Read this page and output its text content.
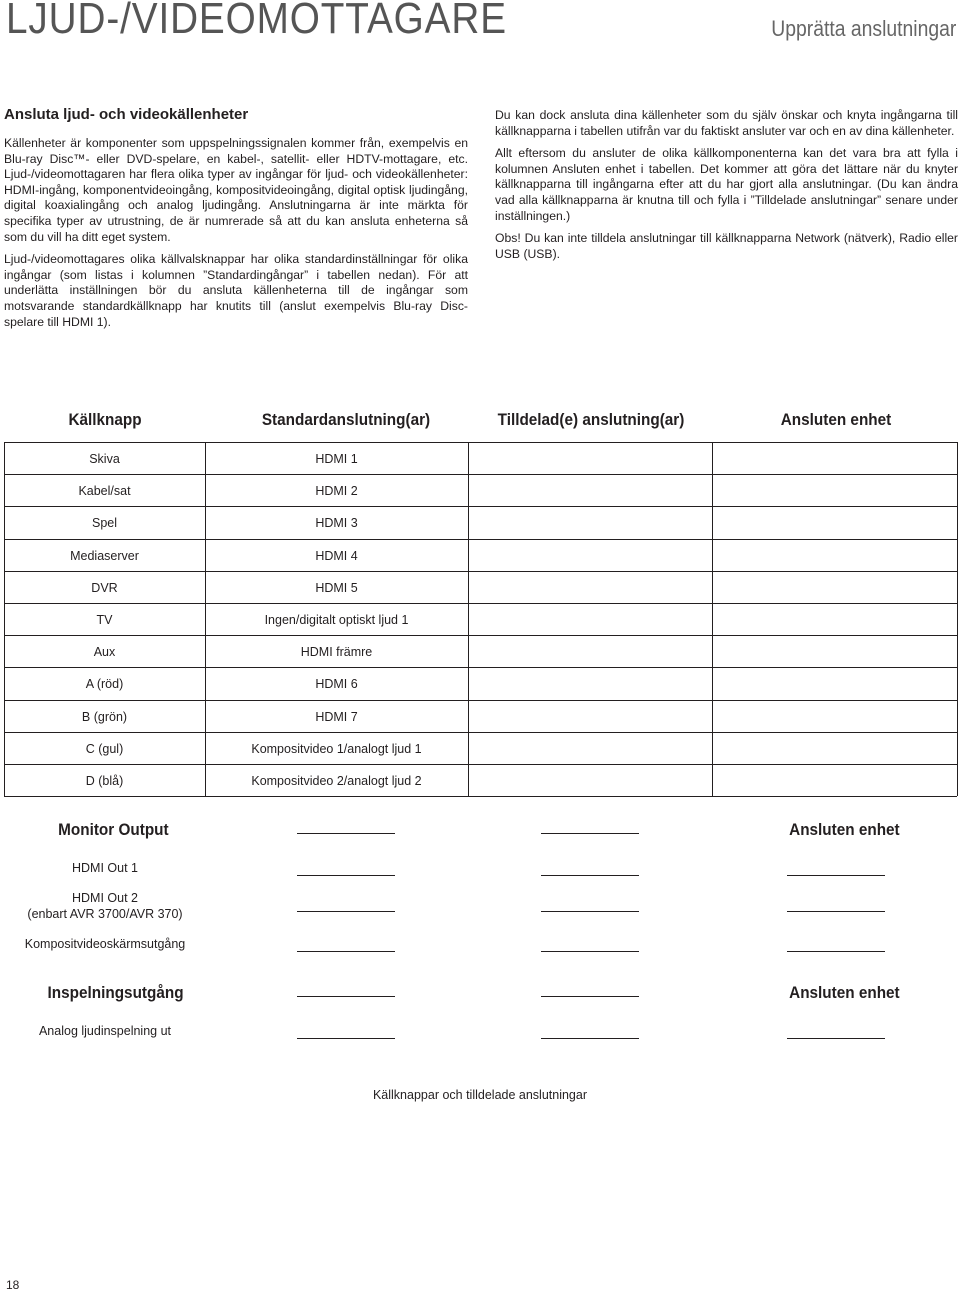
LJUD-/VIDEOMOTTAGARE	Upprätta anslutningar
Ansluta ljud- och videokällenheter

Källenheter är komponenter som uppspelningssignalen kommer från, exempelvis en Blu-ray Disc™- eller DVD-spelare, en kabel-, satellit- eller HDTV-mottagare, etc. Ljud-/videomottagaren har flera olika typer av ingångar för ljud- och videokällenheter: HDMI-ingång, komponentvideoingång, kompositvideoingång, digital optisk ljudingång, digital koaxialingång och analog ljudingång. Anslutningarna är inte märkta för specifika typer av utrustning, de är numrerade så att du kan ansluta enheterna så som du vill ha ditt eget system.

Ljud-/videomottagares olika källvalsknappar har olika standardinställningar för olika ingångar (som listas i kolumnen ”Standardingångar” i tabellen nedan). För att underlätta inställningen bör du ansluta källenheterna till de ingångar som motsvarande standardkällknapp har knutits till (anslut exempelvis Blu-ray Disc-spelare till HDMI 1).

Du kan dock ansluta dina källenheter som du själv önskar och knyta ingångarna till källknapparna i tabellen utifrån var du faktiskt ansluter var och en av dina källenheter.

Allt eftersom du ansluter de olika källkomponenterna kan det vara bra att fylla i kolumnen Ansluten enhet i tabellen. Det kommer att göra det lättare när du knyter källknapparna till ingångarna efter att du har gjort alla anslutningar. (Du kan ändra vad alla källknapparna är knutna till och fylla i ”Tilldelade anslutningar” senare under inställningen.)

Obs! Du kan inte tilldela anslutningar till källknapparna Network (nätverk), Radio eller USB (USB).

Källknapp	Standardanslutning(ar)	Tilldelad(e) anslutning(ar)	Ansluten enhet
Skiva	HDMI 1
Kabel/sat	HDMI 2
Spel	HDMI 3
Mediaserver	HDMI 4
DVR	HDMI 5
TV	Ingen/digitalt optiskt ljud 1
Aux	HDMI främre
A (röd)	HDMI 6
B (grön)	HDMI 7
C (gul)	Kompositvideo 1/analogt ljud 1
D (blå)	Kompositvideo 2/analogt ljud 2
Monitor Output	Ansluten enhet
HDMI Out 1
HDMI Out 2
(enbart AVR 3700/AVR 370)
Kompositvideoskärmsutgång
Inspelningsutgång	Ansluten enhet
Analog ljudinspelning ut
Källknappar och tilldelade anslutningar
18
